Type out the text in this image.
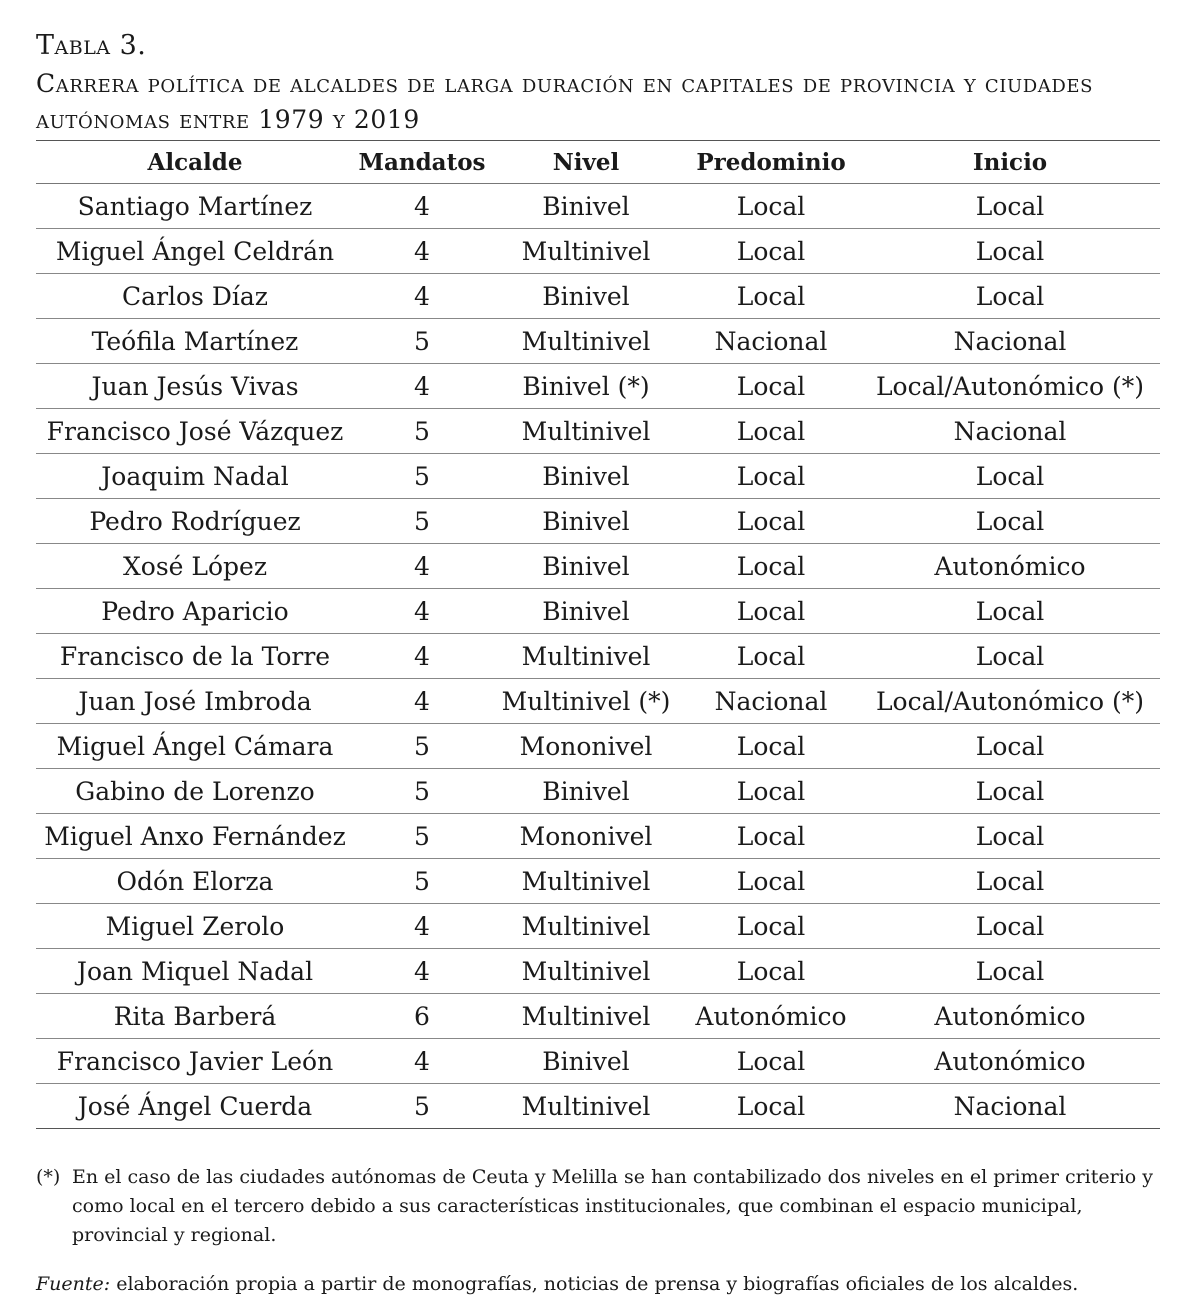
Tabla 3.
Carrera política de alcaldes de larga duración en capitales de provincia y ciudades autónomas entre 1979 y 2019
Alcalde	Mandatos	Nivel	Predominio	Inicio
Santiago Martínez	4	Binivel	Local	Local
Miguel Ángel Celdrán	4	Multinivel	Local	Local
Carlos Díaz	4	Binivel	Local	Local
Teófila Martínez	5	Multinivel	Nacional	Nacional
Juan Jesús Vivas	4	Binivel (*)	Local	Local/Autonómico (*)
Francisco José Vázquez	5	Multinivel	Local	Nacional
Joaquim Nadal	5	Binivel	Local	Local
Pedro Rodríguez	5	Binivel	Local	Local
Xosé López	4	Binivel	Local	Autonómico
Pedro Aparicio	4	Binivel	Local	Local
Francisco de la Torre	4	Multinivel	Local	Local
Juan José Imbroda	4	Multinivel (*)	Nacional	Local/Autonómico (*)
Miguel Ángel Cámara	5	Mononivel	Local	Local
Gabino de Lorenzo	5	Binivel	Local	Local
Miguel Anxo Fernández	5	Mononivel	Local	Local
Odón Elorza	5	Multinivel	Local	Local
Miguel Zerolo	4	Multinivel	Local	Local
Joan Miquel Nadal	4	Multinivel	Local	Local
Rita Barberá	6	Multinivel	Autonómico	Autonómico
Francisco Javier León	4	Binivel	Local	Autonómico
José Ángel Cuerda	5	Multinivel	Local	Nacional
(*) En el caso de las ciudades autónomas de Ceuta y Melilla se han contabilizado dos niveles en el primer criterio y como local en el tercero debido a sus características institucionales, que combinan el espacio municipal, provincial y regional.
Fuente: elaboración propia a partir de monografías, noticias de prensa y biografías oficiales de los alcaldes.
